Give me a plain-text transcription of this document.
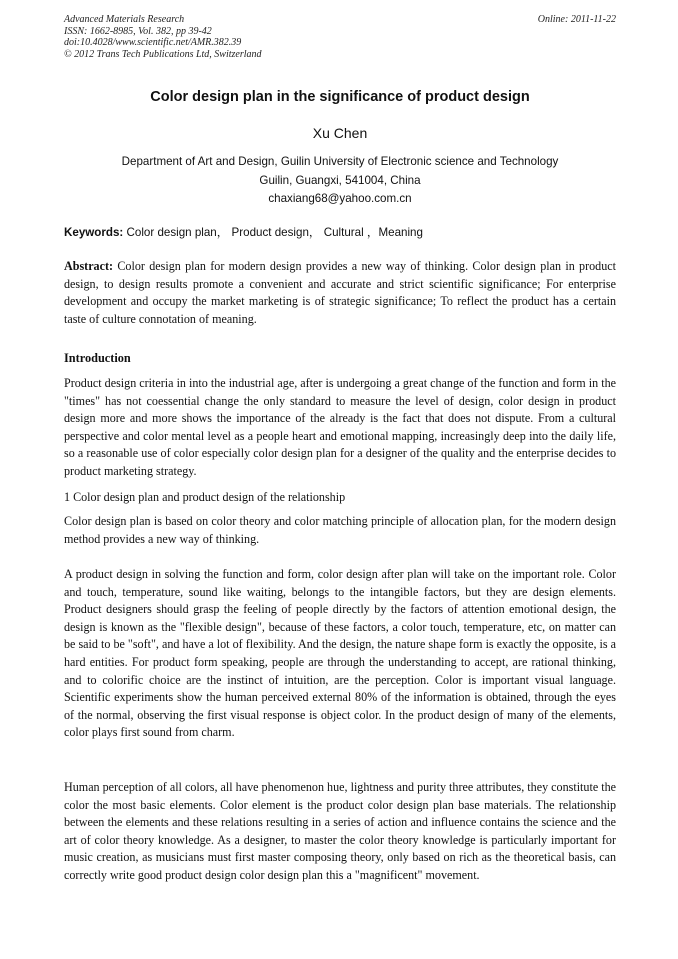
Advanced Materials Research
ISSN: 1662-8985, Vol. 382, pp 39-42
doi:10.4028/www.scientific.net/AMR.382.39
© 2012 Trans Tech Publications Ltd, Switzerland
Online: 2011-11-22
Color design plan in the significance of product design
Xu Chen
Department of Art and Design, Guilin University of Electronic science and Technology
Guilin, Guangxi, 541004, China
chaxiang68@yahoo.com.cn
Keywords: Color design plan， Product design， Cultural ，Meaning
Abstract: Color design plan for modern design provides a new way of thinking. Color design plan in product design, to design results promote a convenient and accurate and strict scientific significance; For enterprise development and occupy the market marketing is of strategic significance; To reflect the product has a certain taste of culture connotation of meaning.
Introduction
Product design criteria in into the industrial age, after is undergoing a great change of the function and form in the "times" has not coessential change the only standard to measure the level of design, color design in product design more and more shows the importance of the already is the fact that does not dispute. From a cultural perspective and color mental level as a people heart and emotional mapping, increasingly deep into the daily life, so a reasonable use of color especially color design plan for a designer of the quality and the enterprise decides to product marketing strategy.
1 Color design plan and product design of the relationship
Color design plan is based on color theory and color matching principle of allocation plan, for the modern design method provides a new way of thinking.
A product design in solving the function and form, color design after plan will take on the important role. Color and touch, temperature, sound like waiting, belongs to the intangible factors, but they are design elements. Product designers should grasp the feeling of people directly by the factors of attention emotional design, the design is known as the "flexible design", because of these factors, a color touch, temperature, etc, on matter can be said to be "soft", and have a lot of flexibility. And the design, the nature shape form is exactly the opposite, is a hard entities. For product form speaking, people are through the understanding to accept, are rational thinking, and to colorific choice are the instinct of intuition, are the perception. Color is important visual language. Scientific experiments show the human perceived external 80% of the information is obtained, through the eyes of the normal, observing the first visual response is object color. In the product design of many of the elements, color plays first sound from charm.
Human perception of all colors, all have phenomenon hue, lightness and purity three attributes, they constitute the color the most basic elements. Color element is the product color design plan base materials. The relationship between the elements and these relations resulting in a series of action and influence contains the science and the art of color theory knowledge. As a designer, to master the color theory knowledge is particularly important for music creation, as musicians must first master composing theory, only based on rich as the theoretical basis, can correctly write good product design color design plan this a "magnificent" movement.
